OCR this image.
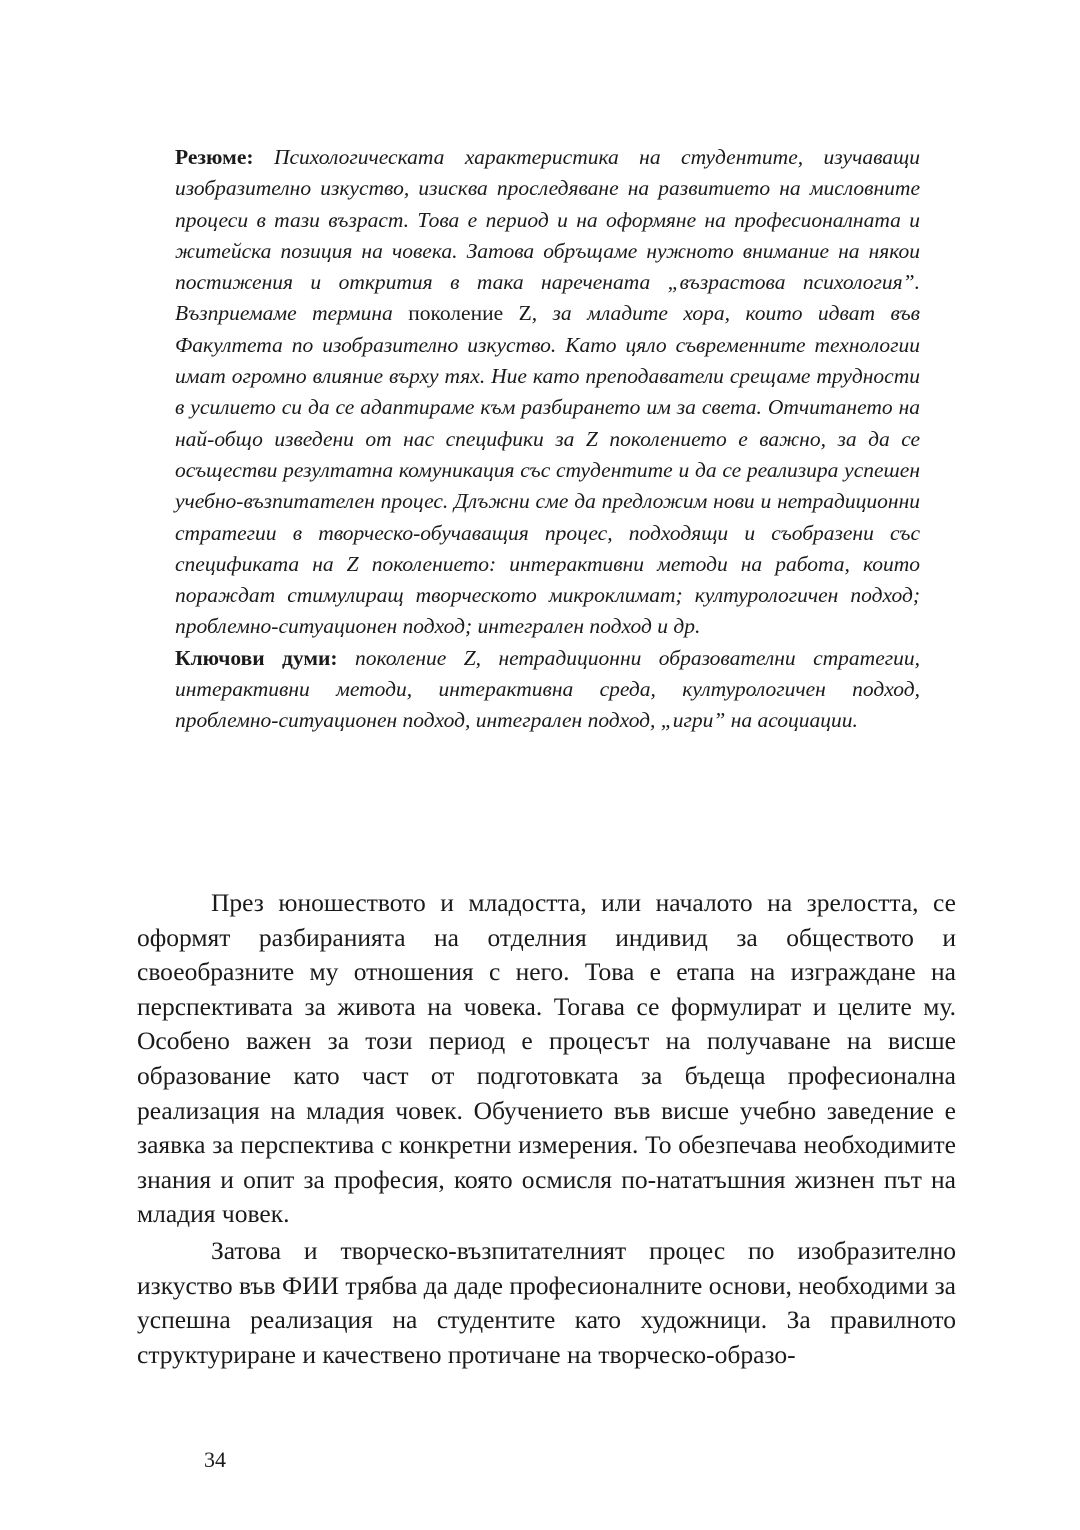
Резюме: Психологическата характеристика на студентите, изучаващи изобразително изкуство, изисква проследяване на развитието на мисловните процеси в тази възраст. Това е период и на оформяне на професионалната и житейска позиция на човека. Затова обръщаме нужното внимание на някои постижения и открития в така наречената „възрастова психология”. Възприемаме термина поколение Z, за младите хора, които идват във Факултета по изобразително изкуство. Като цяло съвременните технологии имат огромно влияние върху тях. Ние като преподаватели срещаме трудности в усилието си да се адаптираме към разбирането им за света. Отчитането на най-общо изведени от нас специфики за Z поколението е важно, за да се осъществи резултатна комуникация със студентите и да се реализира успешен учебно-възпитателен процес. Длъжни сме да предложим нови и нетрадиционни стратегии в творческо-обучаващия процес, подходящи и съобразени със спецификата на Z поколението: интерактивни методи на работа, които пораждат стимулиращ творческото микроклимат; културологичен подход; проблемно-ситуационен подход; интегрален подход и др.

Ключови думи: поколение Z, нетрадиционни образователни стратегии, интерактивни методи, интерактивна среда, културологичен подход, проблемно-ситуационен подход, интегрален подход, „игри” на асоциации.

През юношеството и младостта, или началото на зрелостта, се оформят разбиранията на отделния индивид за обществото и своеобразните му отношения с него. Това е етапа на изграждане на перспективата за живота на човека. Тогава се формулират и целите му. Особено важен за този период е процесът на получаване на висше образование като част от подготовката за бъдеща професионална реализация на младия човек. Обучението във висше учебно заведение е заявка за перспектива с конкретни измерения. То обезпечава необходимите знания и опит за професия, която осмисля по-нататъшния жизнен път на младия човек.

Затова и творческо-възпитателният процес по изобразително изкуство във ФИИ трябва да даде професионалните основи, необходими за успешна реализация на студентите като художници. За правилното структуриране и качествено протичане на творческо-образо-

34
